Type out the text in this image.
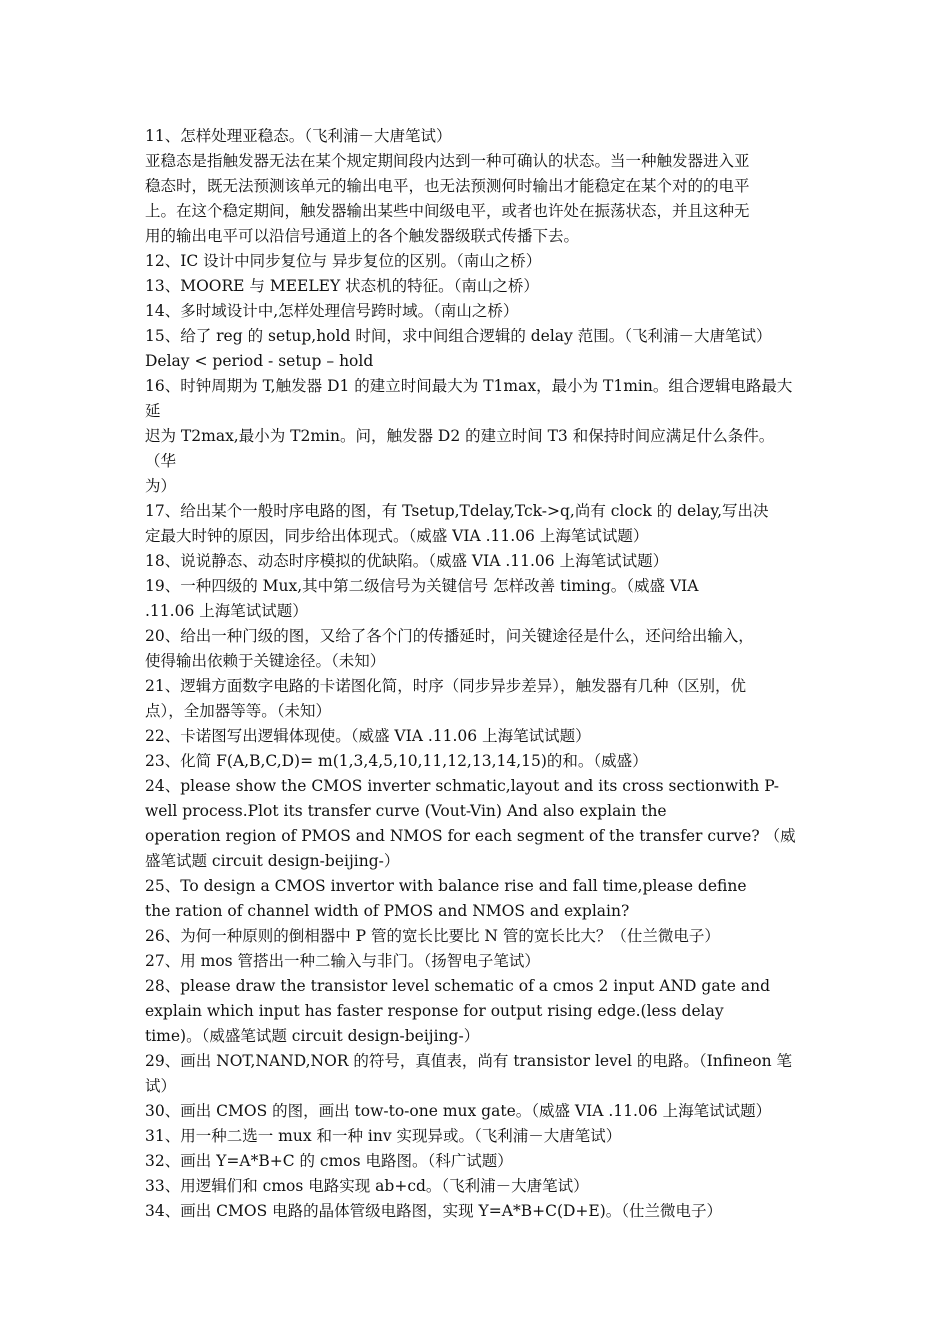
11、怎样处理亚稳态。（飞利浦－大唐笔试）
亚稳态是指触发器无法在某个规定期间段内达到一种可确认的状态。当一种触发器进入亚
稳态时，既无法预测该单元的输出电平，也无法预测何时输出才能稳定在某个对的的电平
上。在这个稳定期间，触发器输出某些中间级电平，或者也许处在振荡状态，并且这种无
用的输出电平可以沿信号通道上的各个触发器级联式传播下去。
12、IC 设计中同步复位与 异步复位的区别。（南山之桥）
13、MOORE 与 MEELEY 状态机的特征。（南山之桥）
14、多时域设计中,怎样处理信号跨时域。（南山之桥）
15、给了 reg 的 setup,hold 时间，求中间组合逻辑的 delay 范围。（飞利浦－大唐笔试）
Delay < period - setup – hold
16、时钟周期为 T,触发器 D1 的建立时间最大为 T1max，最小为 T1min。组合逻辑电路最大
延
迟为 T2max,最小为 T2min。问，触发器 D2 的建立时间 T3 和保持时间应满足什么条件。
（华
为）
17、给出某个一般时序电路的图，有 Tsetup,Tdelay,Tck->q,尚有 clock 的 delay,写出决
定最大时钟的原因，同步给出体现式。（威盛 VIA .11.06 上海笔试试题）
18、说说静态、动态时序模拟的优缺陷。（威盛 VIA .11.06 上海笔试试题）
19、一种四级的 Mux,其中第二级信号为关键信号 怎样改善 timing。（威盛 VIA
.11.06 上海笔试试题）
20、给出一种门级的图，又给了各个门的传播延时，问关键途径是什么，还问给出输入，
使得输出依赖于关键途径。（未知）
21、逻辑方面数字电路的卡诺图化简，时序（同步异步差异），触发器有几种（区别，优
点），全加器等等。（未知）
22、卡诺图写出逻辑体现使。（威盛 VIA .11.06 上海笔试试题）
23、化简 F(A,B,C,D)= m(1,3,4,5,10,11,12,13,14,15)的和。（威盛）
24、please show the CMOS inverter schmatic,layout and its cross sectionwith P-
well process.Plot its transfer curve (Vout-Vin) And also explain the
operation region of PMOS and NMOS for each segment of the transfer curve? （威
盛笔试题 circuit design-beijing-）
25、To design a CMOS invertor with balance rise and fall time,please define
the ration of channel width of PMOS and NMOS and explain?
26、为何一种原则的倒相器中 P 管的宽长比要比 N 管的宽长比大？（仕兰微电子）
27、用 mos 管搭出一种二输入与非门。（扬智电子笔试）
28、please draw the transistor level schematic of a cmos 2 input AND gate and
explain which input has faster response for output rising edge.(less delay
time)。（威盛笔试题 circuit design-beijing-）
29、画出 NOT,NAND,NOR 的符号，真值表，尚有 transistor level 的电路。（Infineon 笔
试）
30、画出 CMOS 的图，画出 tow-to-one mux gate。（威盛 VIA .11.06 上海笔试试题）
31、用一种二选一 mux 和一种 inv 实现异或。（飞利浦－大唐笔试）
32、画出 Y=A*B+C 的 cmos 电路图。（科广试题）
33、用逻辑们和 cmos 电路实现 ab+cd。（飞利浦－大唐笔试）
34、画出 CMOS 电路的晶体管级电路图，实现 Y=A*B+C(D+E)。（仕兰微电子）
